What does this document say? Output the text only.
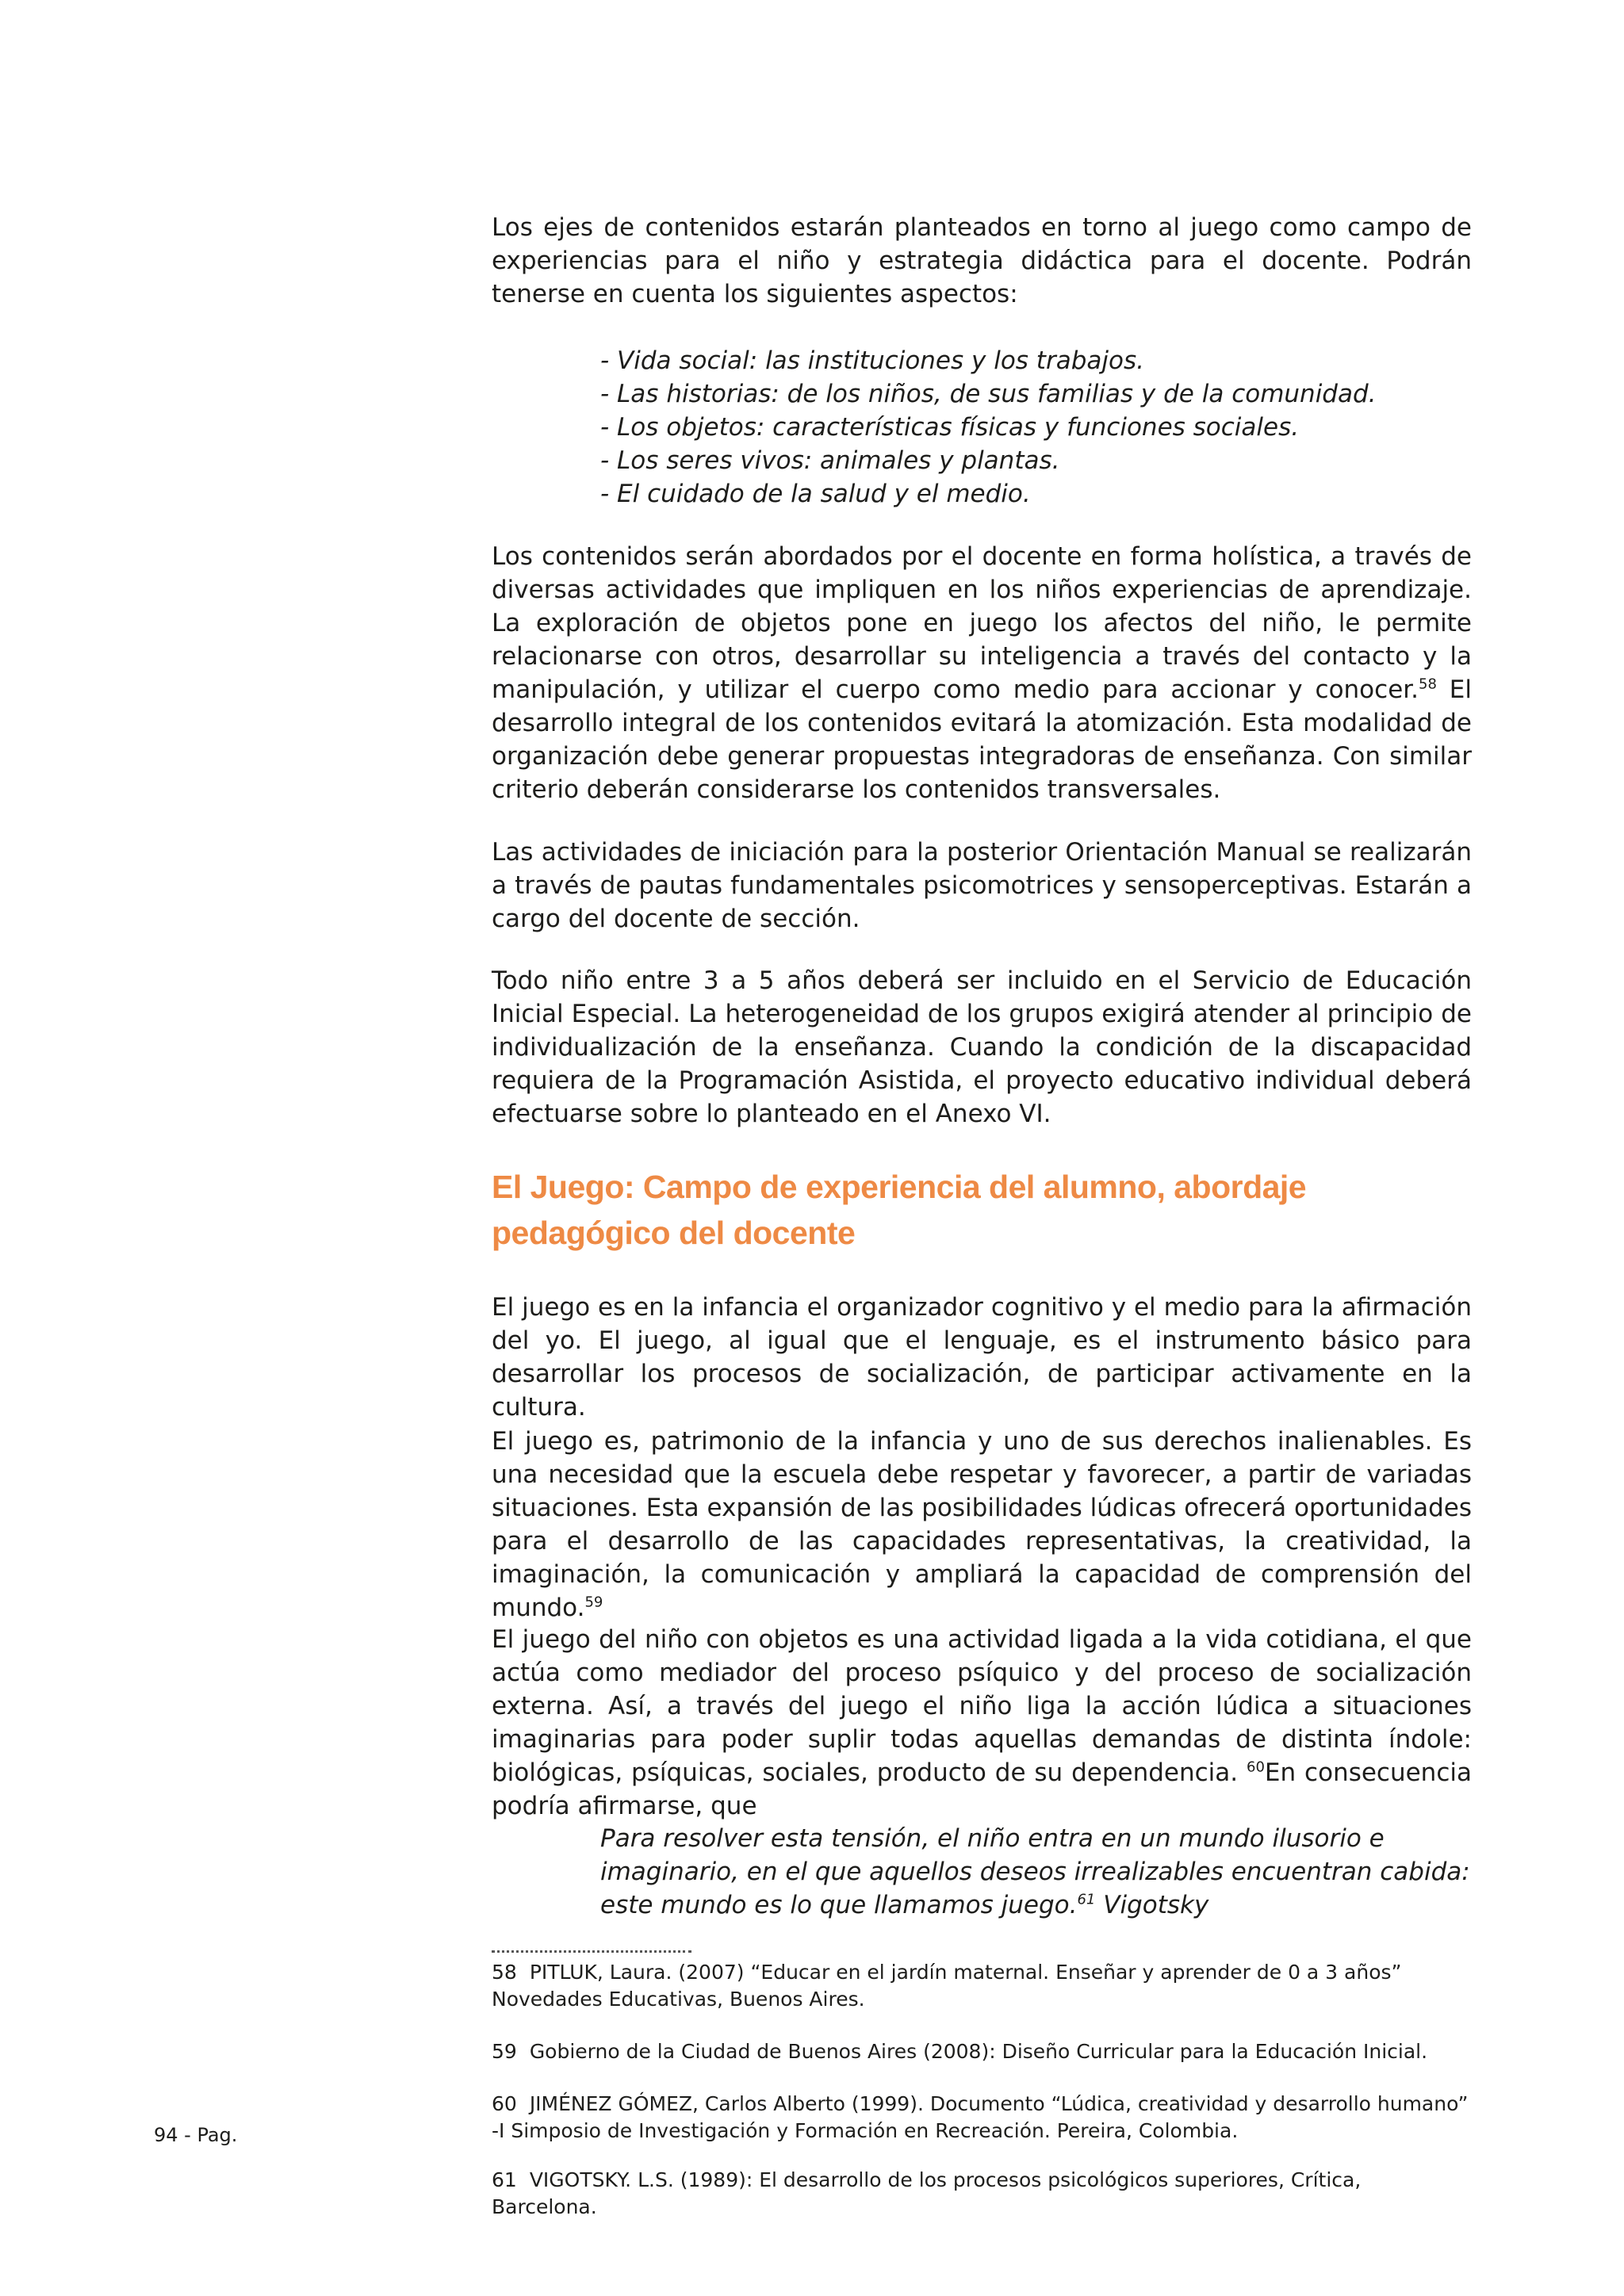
Los ejes de contenidos estarán planteados en torno al juego como campo de experiencias para el niño y estrategia didáctica para el docente. Podrán tenerse en cuenta los siguientes aspectos:

- Vida social: las instituciones y los trabajos.
- Las historias: de los niños, de sus familias y de la comunidad.
- Los objetos: características físicas y funciones sociales.
- Los seres vivos: animales y plantas.
- El cuidado de la salud y el medio.

Los contenidos serán abordados por el docente en forma holística, a través de diversas actividades que impliquen en los niños experiencias de aprendizaje. La exploración de objetos pone en juego los afectos del niño, le permite relacionarse con otros, desarrollar su inteligencia a través del contacto y la manipulación, y utilizar el cuerpo como medio para accionar y conocer.$^{58}$ El desarrollo integral de los contenidos evitará la atomización. Esta modalidad de organización debe generar propuestas integradoras de enseñanza. Con similar criterio deberán considerarse los contenidos transversales.

Las actividades de iniciación para la posterior Orientación Manual se realizarán a través de pautas fundamentales psicomotrices y sensoperceptivas. Estarán a cargo del docente de sección.

Todo niño entre 3 a 5 años deberá ser incluido en el Servicio de Educación Inicial Especial. La heterogeneidad de los grupos exigirá atender al principio de individualización de la enseñanza. Cuando la condición de la discapacidad requiera de la Programación Asistida, el proyecto educativo individual deberá efectuarse sobre lo planteado en el Anexo VI.

El Juego: Campo de experiencia del alumno, abordaje pedagógico del docente

El juego es en la infancia el organizador cognitivo y el medio para la afirmación del yo. El juego, al igual que el lenguaje, es el instrumento básico para desarrollar los procesos de socialización, de participar activamente en la cultura.

El juego es, patrimonio de la infancia y uno de sus derechos inalienables. Es una necesidad que la escuela debe respetar y favorecer, a partir de variadas situaciones. Esta expansión de las posibilidades lúdicas ofrecerá oportunidades para el desarrollo de las capacidades representativas, la creatividad, la imaginación, la comunicación y ampliará la capacidad de comprensión del mundo.$^{59}$

El juego del niño con objetos es una actividad ligada a la vida cotidiana, el que actúa como mediador del proceso psíquico y del proceso de socialización externa. Así, a través del juego el niño liga la acción lúdica a situaciones imaginarias para poder suplir todas aquellas demandas de distinta índole: biológicas, psíquicas, sociales, producto de su dependencia. $^{60}$En consecuencia podría afirmarse, que

Para resolver esta tensión, el niño entra en un mundo ilusorio e imaginario, en el que aquellos deseos irrealizables encuentran cabida: este mundo es lo que llamamos juego.$^{61}$ Vigotsky

58 PITLUK, Laura. (2007) “Educar en el jardín maternal. Enseñar y aprender de 0 a 3 años” Novedades Educativas, Buenos Aires.

59 Gobierno de la Ciudad de Buenos Aires (2008): Diseño Curricular para la Educación Inicial.

60 JIMÉNEZ GÓMEZ, Carlos Alberto (1999). Documento “Lúdica, creatividad y desarrollo humano” -I Simposio de Investigación y Formación en Recreación. Pereira, Colombia.

61 VIGOTSKY. L.S. (1989): El desarrollo de los procesos psicológicos superiores, Crítica, Barcelona.

94 - Pag.
